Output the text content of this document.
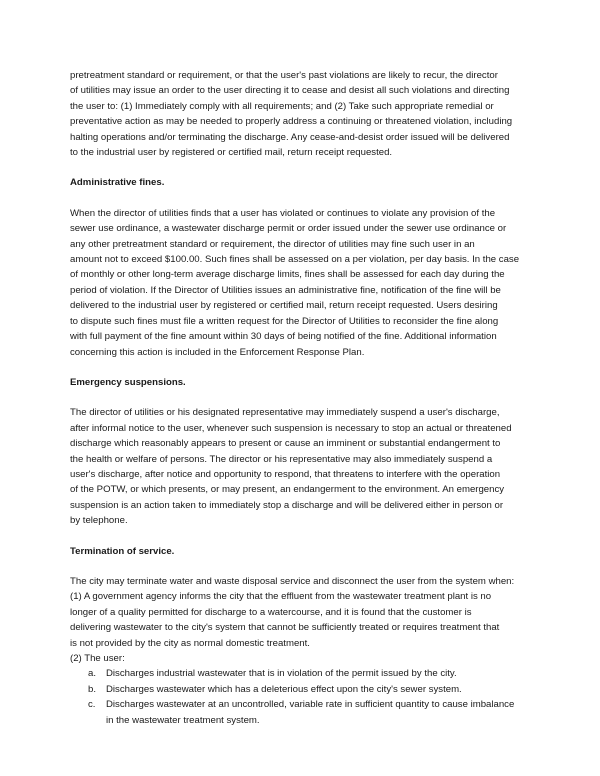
pretreatment standard or requirement, or that the user's past violations are likely to recur, the director
of utilities may issue an order to the user directing it to cease and desist all such violations and directing
the user to: (1) Immediately comply with all requirements; and (2) Take such appropriate remedial or
preventative action as may be needed to properly address a continuing or threatened violation, including
halting operations and/or terminating the discharge. Any cease-and-desist order issued will be delivered
to the industrial user by registered or certified mail, return receipt requested.
Administrative fines.
When the director of utilities finds that a user has violated or continues to violate any provision of the
sewer use ordinance, a wastewater discharge permit or order issued under the sewer use ordinance or
any other pretreatment standard or requirement, the director of utilities may fine such user in an
amount not to exceed $100.00. Such fines shall be assessed on a per violation, per day basis. In the case
of monthly or other long-term average discharge limits, fines shall be assessed for each day during the
period of violation. If the Director of Utilities issues an administrative fine, notification of the fine will be
delivered to the industrial user by registered or certified mail, return receipt requested. Users desiring
to dispute such fines must file a written request for the Director of Utilities to reconsider the fine along
with full payment of the fine amount within 30 days of being notified of the fine. Additional information
concerning this action is included in the Enforcement Response Plan.
Emergency suspensions.
The director of utilities or his designated representative may immediately suspend a user's discharge,
after informal notice to the user, whenever such suspension is necessary to stop an actual or threatened
discharge which reasonably appears to present or cause an imminent or substantial endangerment to
the health or welfare of persons. The director or his representative may also immediately suspend a
user's discharge, after notice and opportunity to respond, that threatens to interfere with the operation
of the POTW, or which presents, or may present, an endangerment to the environment. An emergency
suspension is an action taken to immediately stop a discharge and will be delivered either in person or
by telephone.
Termination of service.
The city may terminate water and waste disposal service and disconnect the user from the system when:
(1) A government agency informs the city that the effluent from the wastewater treatment plant is no
longer of a quality permitted for discharge to a watercourse, and it is found that the customer is
delivering wastewater to the city's system that cannot be sufficiently treated or requires treatment that
is not provided by the city as normal domestic treatment.
(2) The user:
a. Discharges industrial wastewater that is in violation of the permit issued by the city.
b. Discharges wastewater which has a deleterious effect upon the city's sewer system.
c. Discharges wastewater at an uncontrolled, variable rate in sufficient quantity to cause imbalance
in the wastewater treatment system.
